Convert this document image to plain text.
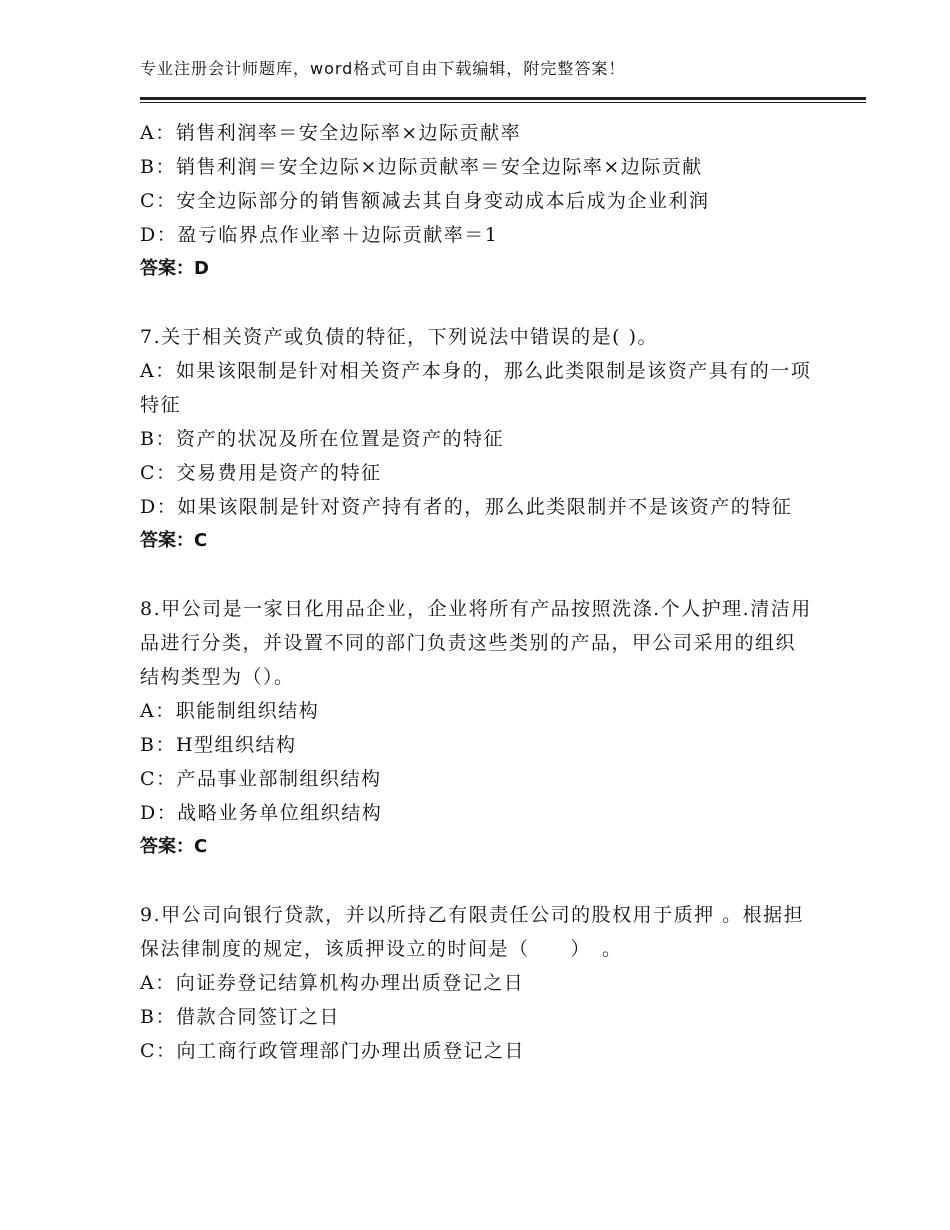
专业注册会计师题库，word格式可自由下载编辑，附完整答案！
A：销售利润率＝安全边际率×边际贡献率
B：销售利润＝安全边际×边际贡献率＝安全边际率×边际贡献
C：安全边际部分的销售额减去其自身变动成本后成为企业利润
D：盈亏临界点作业率＋边际贡献率＝1
答案：D
7.关于相关资产或负债的特征，下列说法中错误的是( )。
A：如果该限制是针对相关资产本身的，那么此类限制是该资产具有的一项特征
B：资产的状况及所在位置是资产的特征
C：交易费用是资产的特征
D：如果该限制是针对资产持有者的，那么此类限制并不是该资产的特征
答案：C
8.甲公司是一家日化用品企业，企业将所有产品按照洗涤.个人护理.清洁用品进行分类，并设置不同的部门负责这些类别的产品，甲公司采用的组织结构类型为（）。
A：职能制组织结构
B：H型组织结构
C：产品事业部制组织结构
D：战略业务单位组织结构
答案：C
9.甲公司向银行贷款，并以所持乙有限责任公司的股权用于质押 。根据担保法律制度的规定，该质押设立的时间是（　　）　。
A：向证券登记结算机构办理出质登记之日
B：借款合同签订之日
C：向工商行政管理部门办理出质登记之日
